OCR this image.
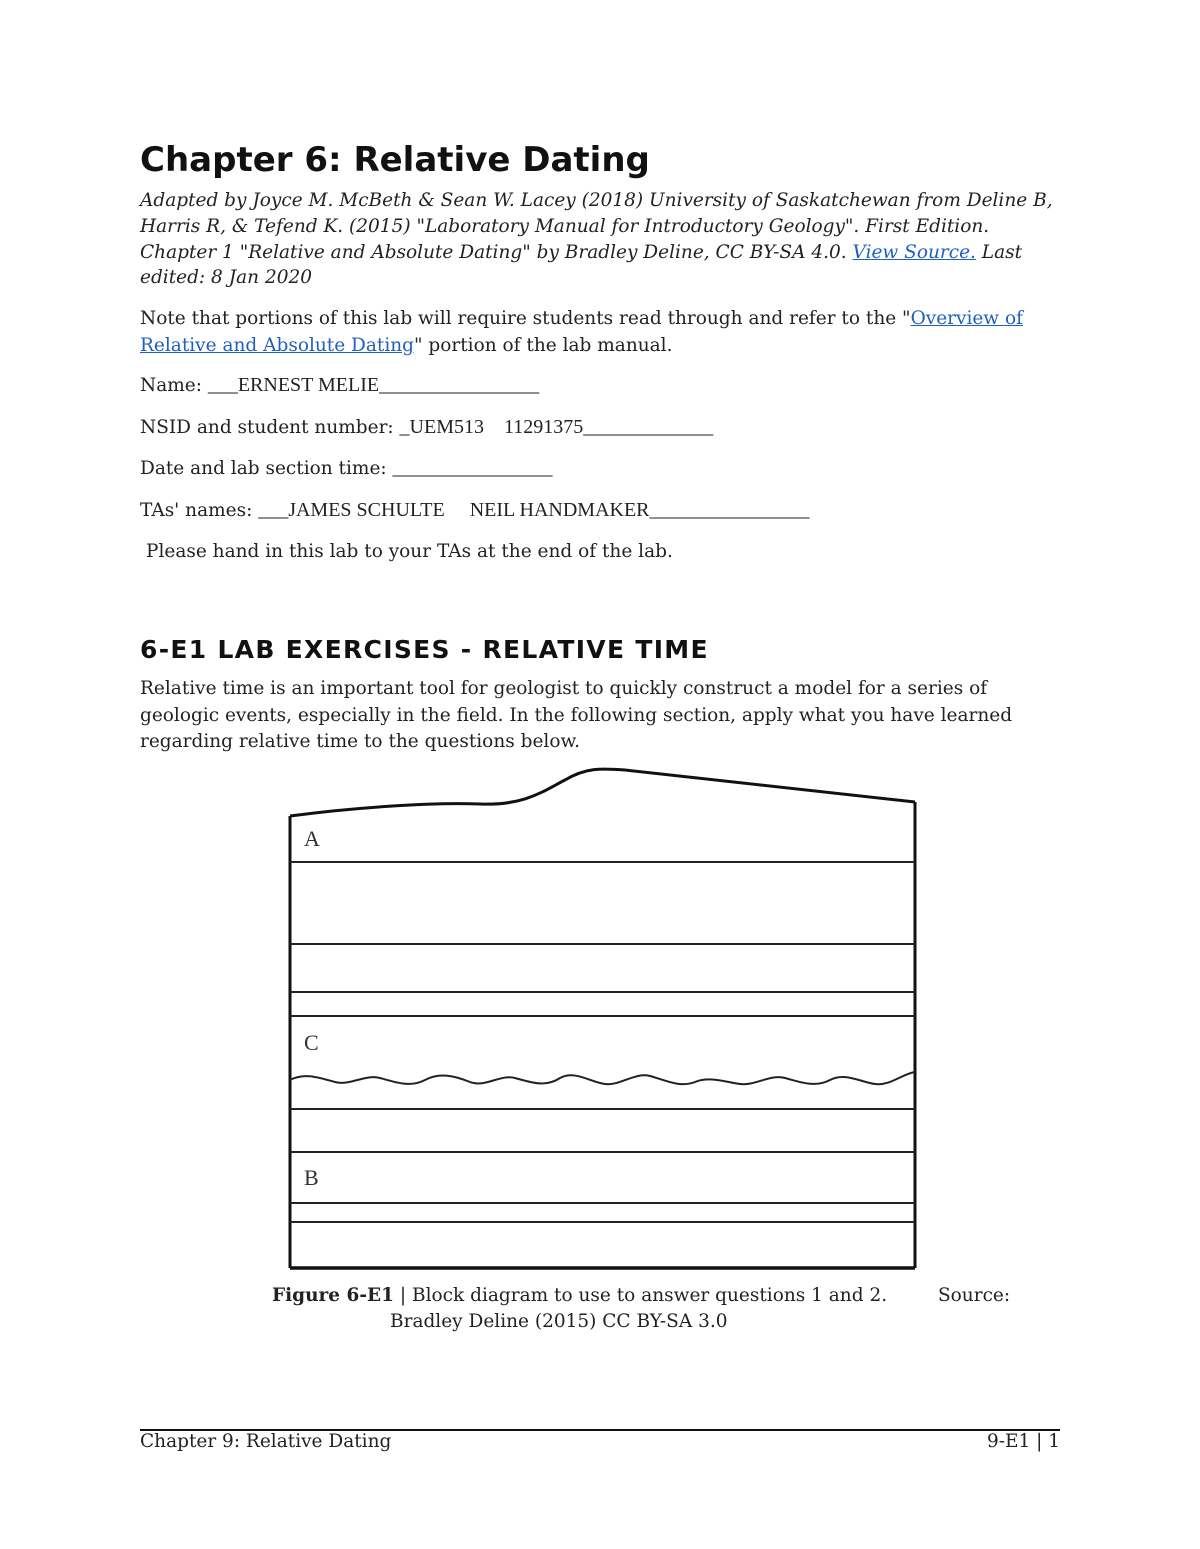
Chapter 6: Relative Dating

Adapted by Joyce M. McBeth & Sean W. Lacey (2018) University of Saskatchewan from Deline B, Harris R, & Tefend K. (2015) "Laboratory Manual for Introductory Geology". First Edition. Chapter 1 "Relative and Absolute Dating" by Bradley Deline, CC BY-SA 4.0. View Source. Last edited: 8 Jan 2020

Note that portions of this lab will require students read through and refer to the "Overview of Relative and Absolute Dating" portion of the lab manual.

Name: ___ERNEST MELIE________________

NSID and student number: _UEM513    11291375_____________

Date and lab section time: ________________

TAs' names: ___JAMES SCHULTE     NEIL HANDMAKER________________

Please hand in this lab to your TAs at the end of the lab.

6-E1 LAB EXERCISES - RELATIVE TIME

Relative time is an important tool for geologist to quickly construct a model for a series of geologic events, especially in the field. In the following section, apply what you have learned regarding relative time to the questions below.

A
C
B

Figure 6-E1 | Block diagram to use to answer questions 1 and 2.	Source:

Bradley Deline (2015) CC BY-SA 3.0

Chapter 9: Relative Dating	9-E1 | 1
